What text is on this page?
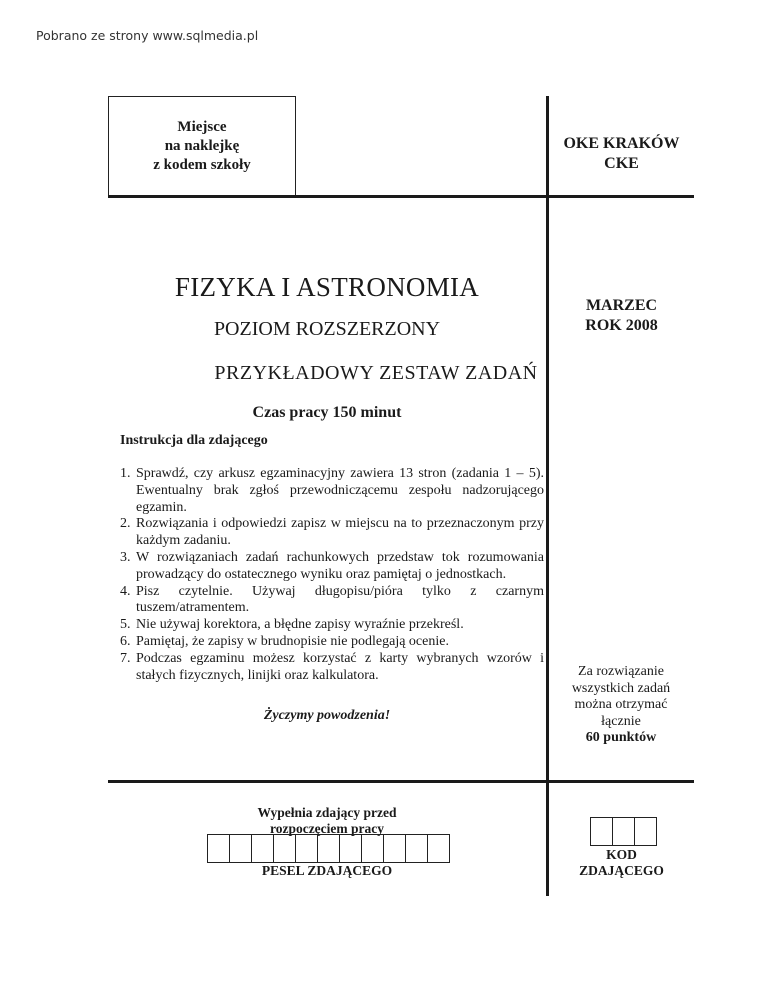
Pobrano ze strony www.sqlmedia.pl
Miejsce
na naklejkę
z kodem szkoły
OKE KRAKÓW
CKE
FIZYKA I ASTRONOMIA
POZIOM ROZSZERZONY
MARZEC
ROK 2008
PRZYKŁADOWY ZESTAW ZADAŃ
Czas pracy 150 minut
Instrukcja dla zdającego
1. Sprawdź, czy arkusz egzaminacyjny zawiera 13 stron (zadania 1 – 5). Ewentualny brak zgłoś przewodniczącemu zespołu nadzorującego egzamin.
2. Rozwiązania i odpowiedzi zapisz w miejscu na to przeznaczonym przy każdym zadaniu.
3. W rozwiązaniach zadań rachunkowych przedstaw tok rozumowania prowadzący do ostatecznego wyniku oraz pamiętaj o jednostkach.
4. Pisz czytelnie. Używaj długopisu/pióra tylko z czarnym tuszem/atramentem.
5. Nie używaj korektora, a błędne zapisy wyraźnie przekreśl.
6. Pamiętaj, że zapisy w brudnopisie nie podlegają ocenie.
7. Podczas egzaminu możesz korzystać z karty wybranych wzorów i stałych fizycznych, linijki oraz kalkulatora.
Życzymy powodzenia!
Za rozwiązanie
wszystkich zadań
można otrzymać
łącznie
60 punktów
Wypełnia zdający przed
rozpoczęciem pracy
PESEL ZDAJĄCEGO
KOD
ZDAJĄCEGO
